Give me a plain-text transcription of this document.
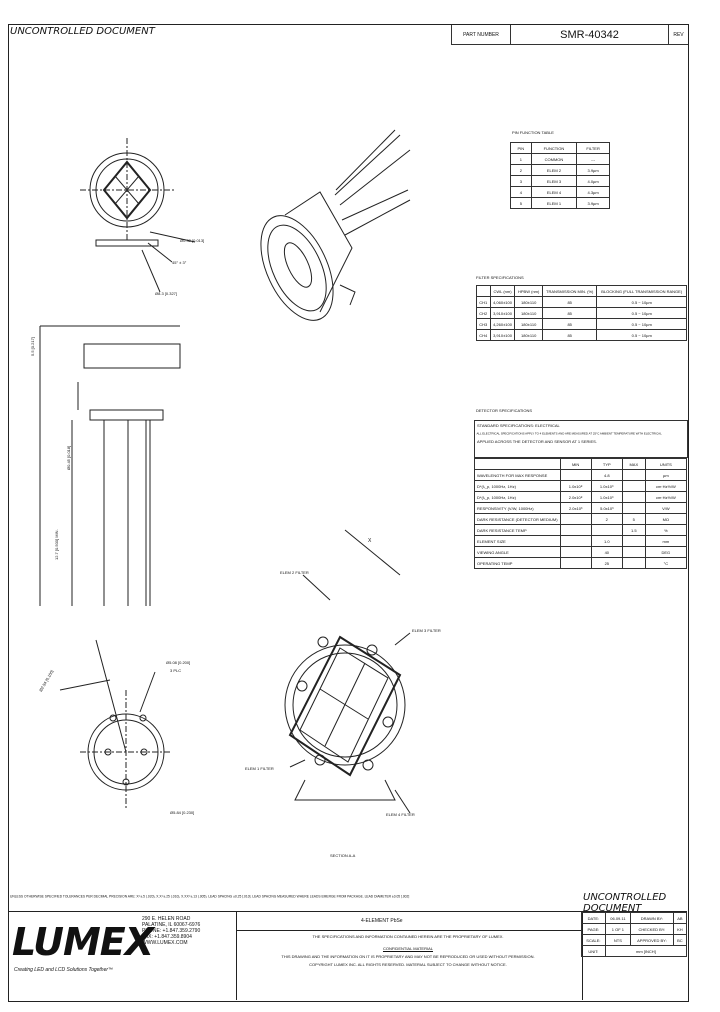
UNCONTROLLED DOCUMENT	PART NUMBER	SMR-40342	REV
Ø0.32 [0.013]
45° ± 3°
Ø8.3 [0.327]
5.5 [0.217]
12.7 [0.500] MIN.
Ø0.45 [0.018]
Ø2.54 [0.100]	3 PLC
Ø5.08 [0.200]
Ø5.84 [0.230]
ELEM 2 FILTER
ELEM 3 FILTER
ELEM 1 FILTER
ELEM 4 FILTER
SECTION A-A
X
PIN FUNCTION TABLE
PIN	FUNCTION	FILTER
1	COMMON	---
2	ELEM 2	3.9µm
3	ELEM 3	4.0µm
4	ELEM 4	4.3µm
5	ELEM 1	3.9µm
FILTER SPECIFICATIONS
	CWL (nm)	HPBW (nm)	TRANSMISSION MIN. (%)	BLOCKING (FULL TRANSMISSION RANGE)
CH1	4,060±100	180±110	85	0.5 ~ 10µm
CH2	3,910±100	180±110	85	0.5 ~ 10µm
CH3	4,260±100	180±110	85	0.5 ~ 10µm
CH4	3,910±100	180±110	85	0.5 ~ 10µm
DETECTOR SPECIFICATIONS
STANDARD SPECIFICATIONS: ELECTRICAL
ALL ELECTRICAL SPECIFICATIONS APPLY TO 4 ELEMENTS AND ARE MEASURED AT 25°C AMBIENT TEMPERATURE WITH ELECTRICAL
APPLIED ACROSS THE DETECTOR AND SENSOR AT 1 SERIES.
	MIN	TYP	MAX	UNITS
WAVELENGTH FOR MAX RESPONSE		4.8		µm
D*(λ_p, 1000Hz, 1Hz)	1.0x10⁸	1.0x10⁹		cm·Hz½/W
D*(λ_p, 1000Hz, 1Hz)	2.0x10⁸	1.0x10⁹		cm·Hz½/W
RESPONSIVITY (V/W, 1000Hz)	2.0x10³	5.0x10³		V/W
DARK RESISTANCE (DETECTOR MEDIUM)		2	5	MΩ
DARK RESISTANCE TEMP			1.5	%
ELEMENT SIZE		1.0		mm
VIEWING ANGLE		40		DEG
OPERATING TEMP		25		°C
UNLESS OTHERWISE SPECIFIED TOLERANCES PER DECIMAL PRECISION ARE: X=±.5 (.020), X.X=±.25 (.010), X.XX=±.13 (.005). LEAD SPACING ±0.25 [.010]. LEAD SPACING MEASURED WHERE LEADS EMERGE FROM PACKAGE. LEAD DIAMETER ±0.05 [.002]	UNCONTROLLED DOCUMENT
LUMEX
Creating LED and LCD Solutions Together™
290 E. HELEN ROAD
PALATINE, IL 60067-6976
PHONE: +1.847.359.2790
FAX: +1.847.359.8904
WWW.LUMEX.COM
4-ELEMENT PbSe
THE SPECIFICATIONS AND INFORMATION CONTAINED HEREIN ARE THE PROPRIETARY OF LUMEX.
CONFIDENTIAL MATERIAL
THIS DRAWING AND THE INFORMATION ON IT IS PROPRIETARY AND MAY NOT BE REPRODUCED OR USED WITHOUT PERMISSION.
COPYRIGHT LUMEX INC. ALL RIGHTS RESERVED. MATERIAL SUBJECT TO CHANGE WITHOUT NOTICE.
DATE:	06.09.11	DRAWN BY:	AB
PAGE:	1 OF 1	CHECKED BY:	KH
SCALE:	NTS	APPROVED BY:	BC
UNIT:	mm [INCH]		
